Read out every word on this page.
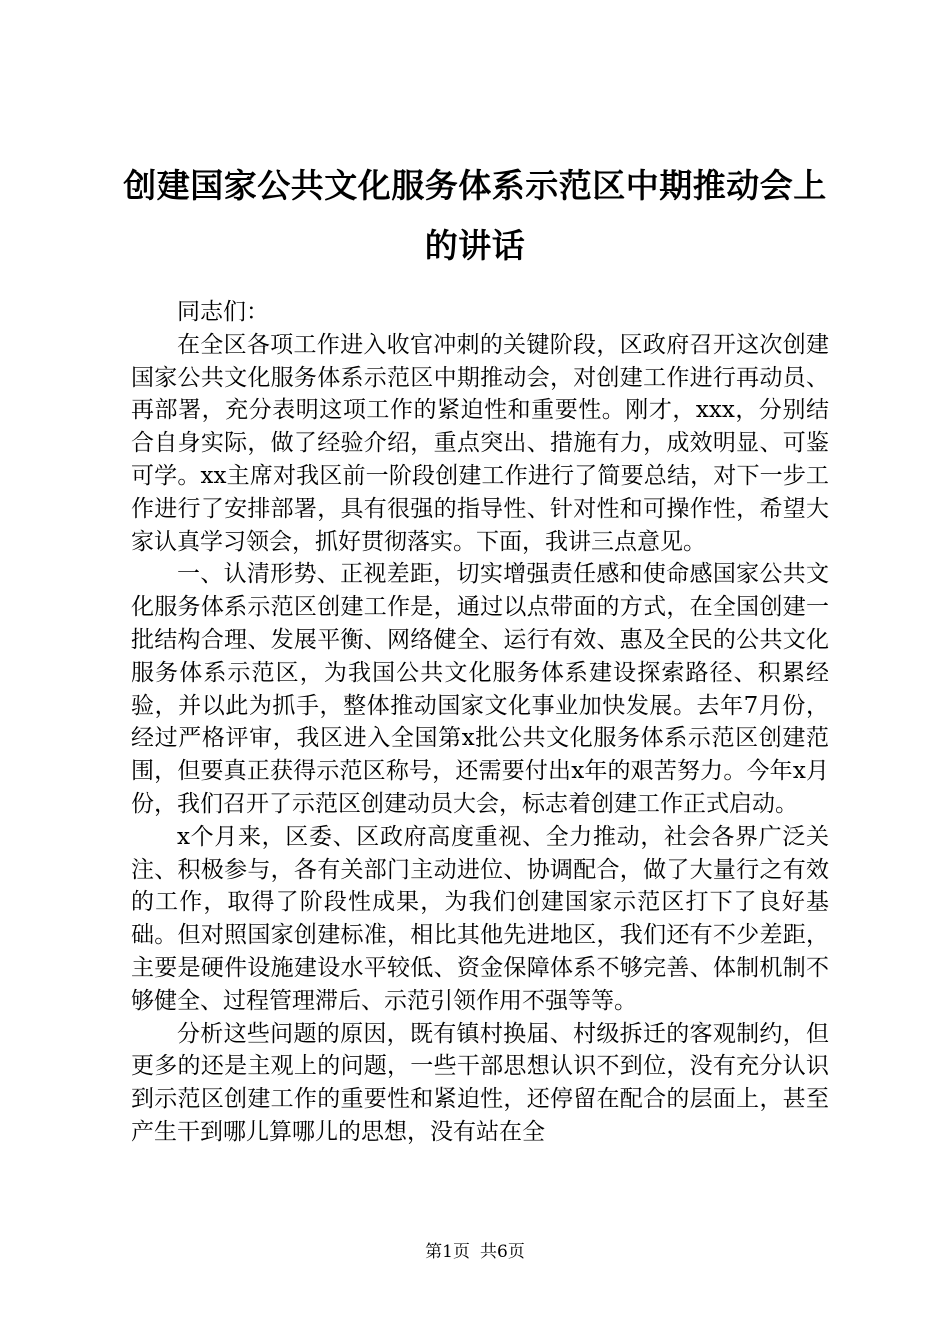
创建国家公共文化服务体系示范区中期推动会上的讲话

同志们：

在全区各项工作进入收官冲刺的关键阶段，区政府召开这次创建国家公共文化服务体系示范区中期推动会，对创建工作进行再动员、再部署，充分表明这项工作的紧迫性和重要性。刚才，xxx，分别结合自身实际，做了经验介绍，重点突出、措施有力，成效明显、可鉴可学。xx主席对我区前一阶段创建工作进行了简要总结，对下一步工作进行了安排部署，具有很强的指导性、针对性和可操作性，希望大家认真学习领会，抓好贯彻落实。下面，我讲三点意见。

一、认清形势、正视差距，切实增强责任感和使命感国家公共文化服务体系示范区创建工作是，通过以点带面的方式，在全国创建一批结构合理、发展平衡、网络健全、运行有效、惠及全民的公共文化服务体系示范区，为我国公共文化服务体系建设探索路径、积累经验，并以此为抓手，整体推动国家文化事业加快发展。去年7月份，经过严格评审，我区进入全国第x批公共文化服务体系示范区创建范围，但要真正获得示范区称号，还需要付出x年的艰苦努力。今年x月份，我们召开了示范区创建动员大会，标志着创建工作正式启动。

x个月来，区委、区政府高度重视、全力推动，社会各界广泛关注、积极参与，各有关部门主动进位、协调配合，做了大量行之有效的工作，取得了阶段性成果，为我们创建国家示范区打下了良好基础。但对照国家创建标准，相比其他先进地区，我们还有不少差距，主要是硬件设施建设水平较低、资金保障体系不够完善、体制机制不够健全、过程管理滞后、示范引领作用不强等等。

分析这些问题的原因，既有镇村换届、村级拆迁的客观制约，但更多的还是主观上的问题，一些干部思想认识不到位，没有充分认识到示范区创建工作的重要性和紧迫性，还停留在配合的层面上，甚至产生干到哪儿算哪儿的思想，没有站在全

第1页 共6页
